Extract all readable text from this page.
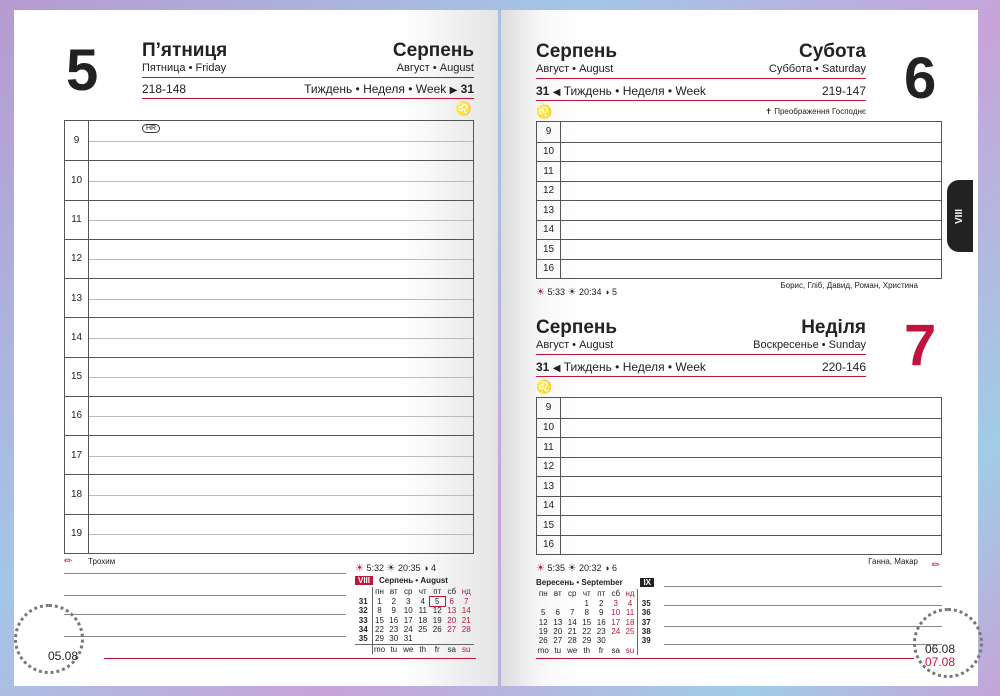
5 П’ятниця
Пятница • Friday
Серпень
Август • August
218-148	Тиждень • Неделя • Week ▶ 31
♌
HR
9
10
11
12
13
14
15
16
17
18
19
✏ Трохим
☀ 5:32 ☀ 20:35 ◑ 4
VIII	Серпень • August
	пн	вт	ср	чт	пт	сб	нд
31	1	2	3	4	5	6	7
32	8	9	10	11	12	13	14
33	15	16	17	18	19	20	21
34	22	23	24	25	26	27	28
35	29	30	31				
	mo	tu	we	th	fr	sa	su
05.08
Серпень
Август • August
Субота
Суббота • Saturday 6
31 ◀ Тиждень • Неделя • Week	219-147
♌	✝ Преображення Господнє
9
10
11
12
13
14
15
16
☀ 5:33 ☀ 20:34 ◑ 5
Борис, Гліб, Давид, Роман, Христина
Серпень
Август • August
Неділя
Воскресенье • Sunday 7
31 ◀ Тиждень • Неделя • Week	220-146
♌
9
10
11
12
13
14
15
16
☀ 5:35 ☀ 20:32 ◑ 6
Ганна, Макар ✏
Вересень • September	IX
пн	вт	ср	чт	пт	сб	нд	
			1	2	3	4	35
5	6	7	8	9	10	11	36
12	13	14	15	16	17	18	37
19	20	21	22	23	24	25	38
26	27	28	29	30			39
mo	tu	we	th	fr	sa	su		06.08
07.08
VIII
